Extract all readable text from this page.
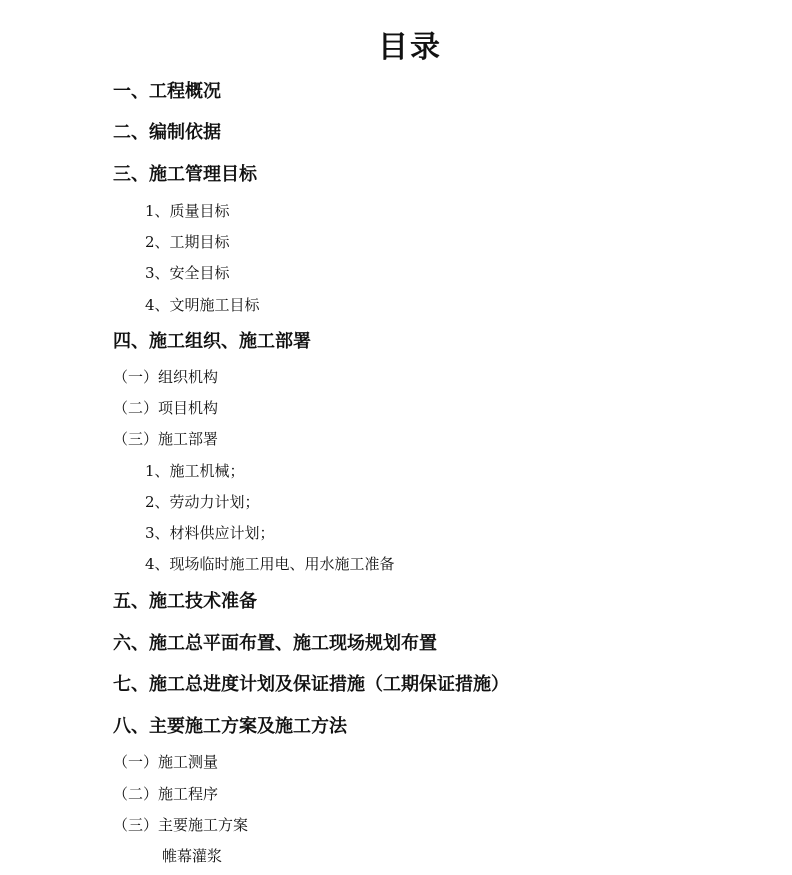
目录
一、工程概况
二、编制依据
三、施工管理目标
1、质量目标
2、工期目标
3、安全目标
4、文明施工目标
四、施工组织、施工部署
（一）组织机构
（二）项目机构
（三）施工部署
1、施工机械；
2、劳动力计划；
3、材料供应计划；
4、现场临时施工用电、用水施工准备
五、施工技术准备
六、施工总平面布置、施工现场规划布置
七、施工总进度计划及保证措施（工期保证措施）
八、主要施工方案及施工方法
（一）施工测量
（二）施工程序
（三）主要施工方案
帷幕灌浆
